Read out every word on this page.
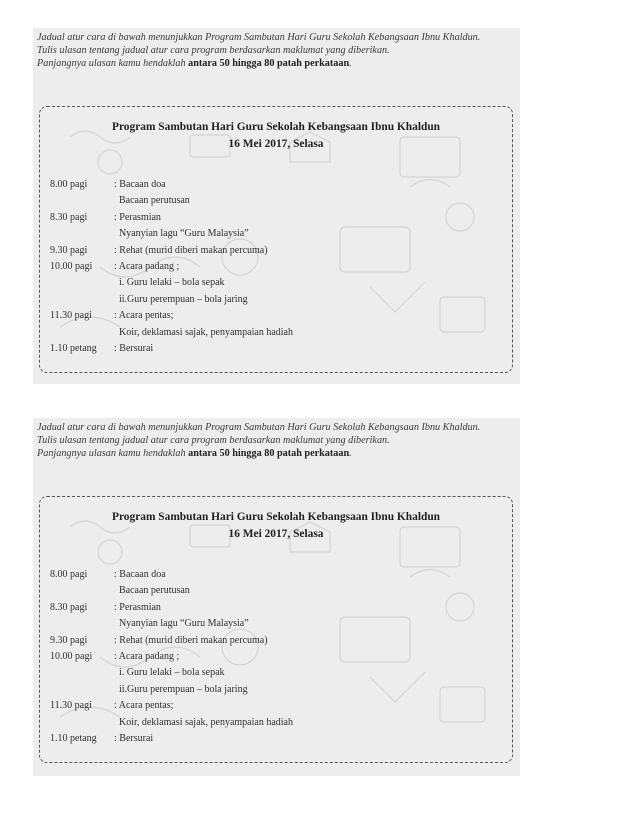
Jadual atur cara di bawah menunjukkan Program Sambutan Hari Guru Sekolah Kebangsaan Ibnu Khaldun.

Tulis ulasan tentang jadual atur cara program berdasarkan maklumat yang diberikan.

Panjangnya ulasan kamu hendaklah antara 50 hingga 80 patah perkataan.

Program Sambutan Hari Guru Sekolah Kebangsaan Ibnu Khaldun
16 Mei 2017, Selasa
8.00 pagi	: Bacaan doa
Bacaan perutusan
8.30 pagi	: Perasmian
Nyanyian lagu “Guru Malaysia”
9.30 pagi	: Rehat (murid diberi makan percuma)
10.00 pagi	: Acara padang ;
i. Guru lelaki – bola sepak
ii.Guru perempuan – bola jaring
11.30 pagi	: Acara pentas;
Koir, deklamasi sajak, penyampaian hadiah
1.10 petang	: Bersurai

Jadual atur cara di bawah menunjukkan Program Sambutan Hari Guru Sekolah Kebangsaan Ibnu Khaldun.

Tulis ulasan tentang jadual atur cara program berdasarkan maklumat yang diberikan.

Panjangnya ulasan kamu hendaklah antara 50 hingga 80 patah perkataan.

Program Sambutan Hari Guru Sekolah Kebangsaan Ibnu Khaldun
16 Mei 2017, Selasa
8.00 pagi	: Bacaan doa
Bacaan perutusan
8.30 pagi	: Perasmian
Nyanyian lagu “Guru Malaysia”
9.30 pagi	: Rehat (murid diberi makan percuma)
10.00 pagi	: Acara padang ;
i. Guru lelaki – bola sepak
ii.Guru perempuan – bola jaring
11.30 pagi	: Acara pentas;
Koir, deklamasi sajak, penyampaian hadiah
1.10 petang	: Bersurai
